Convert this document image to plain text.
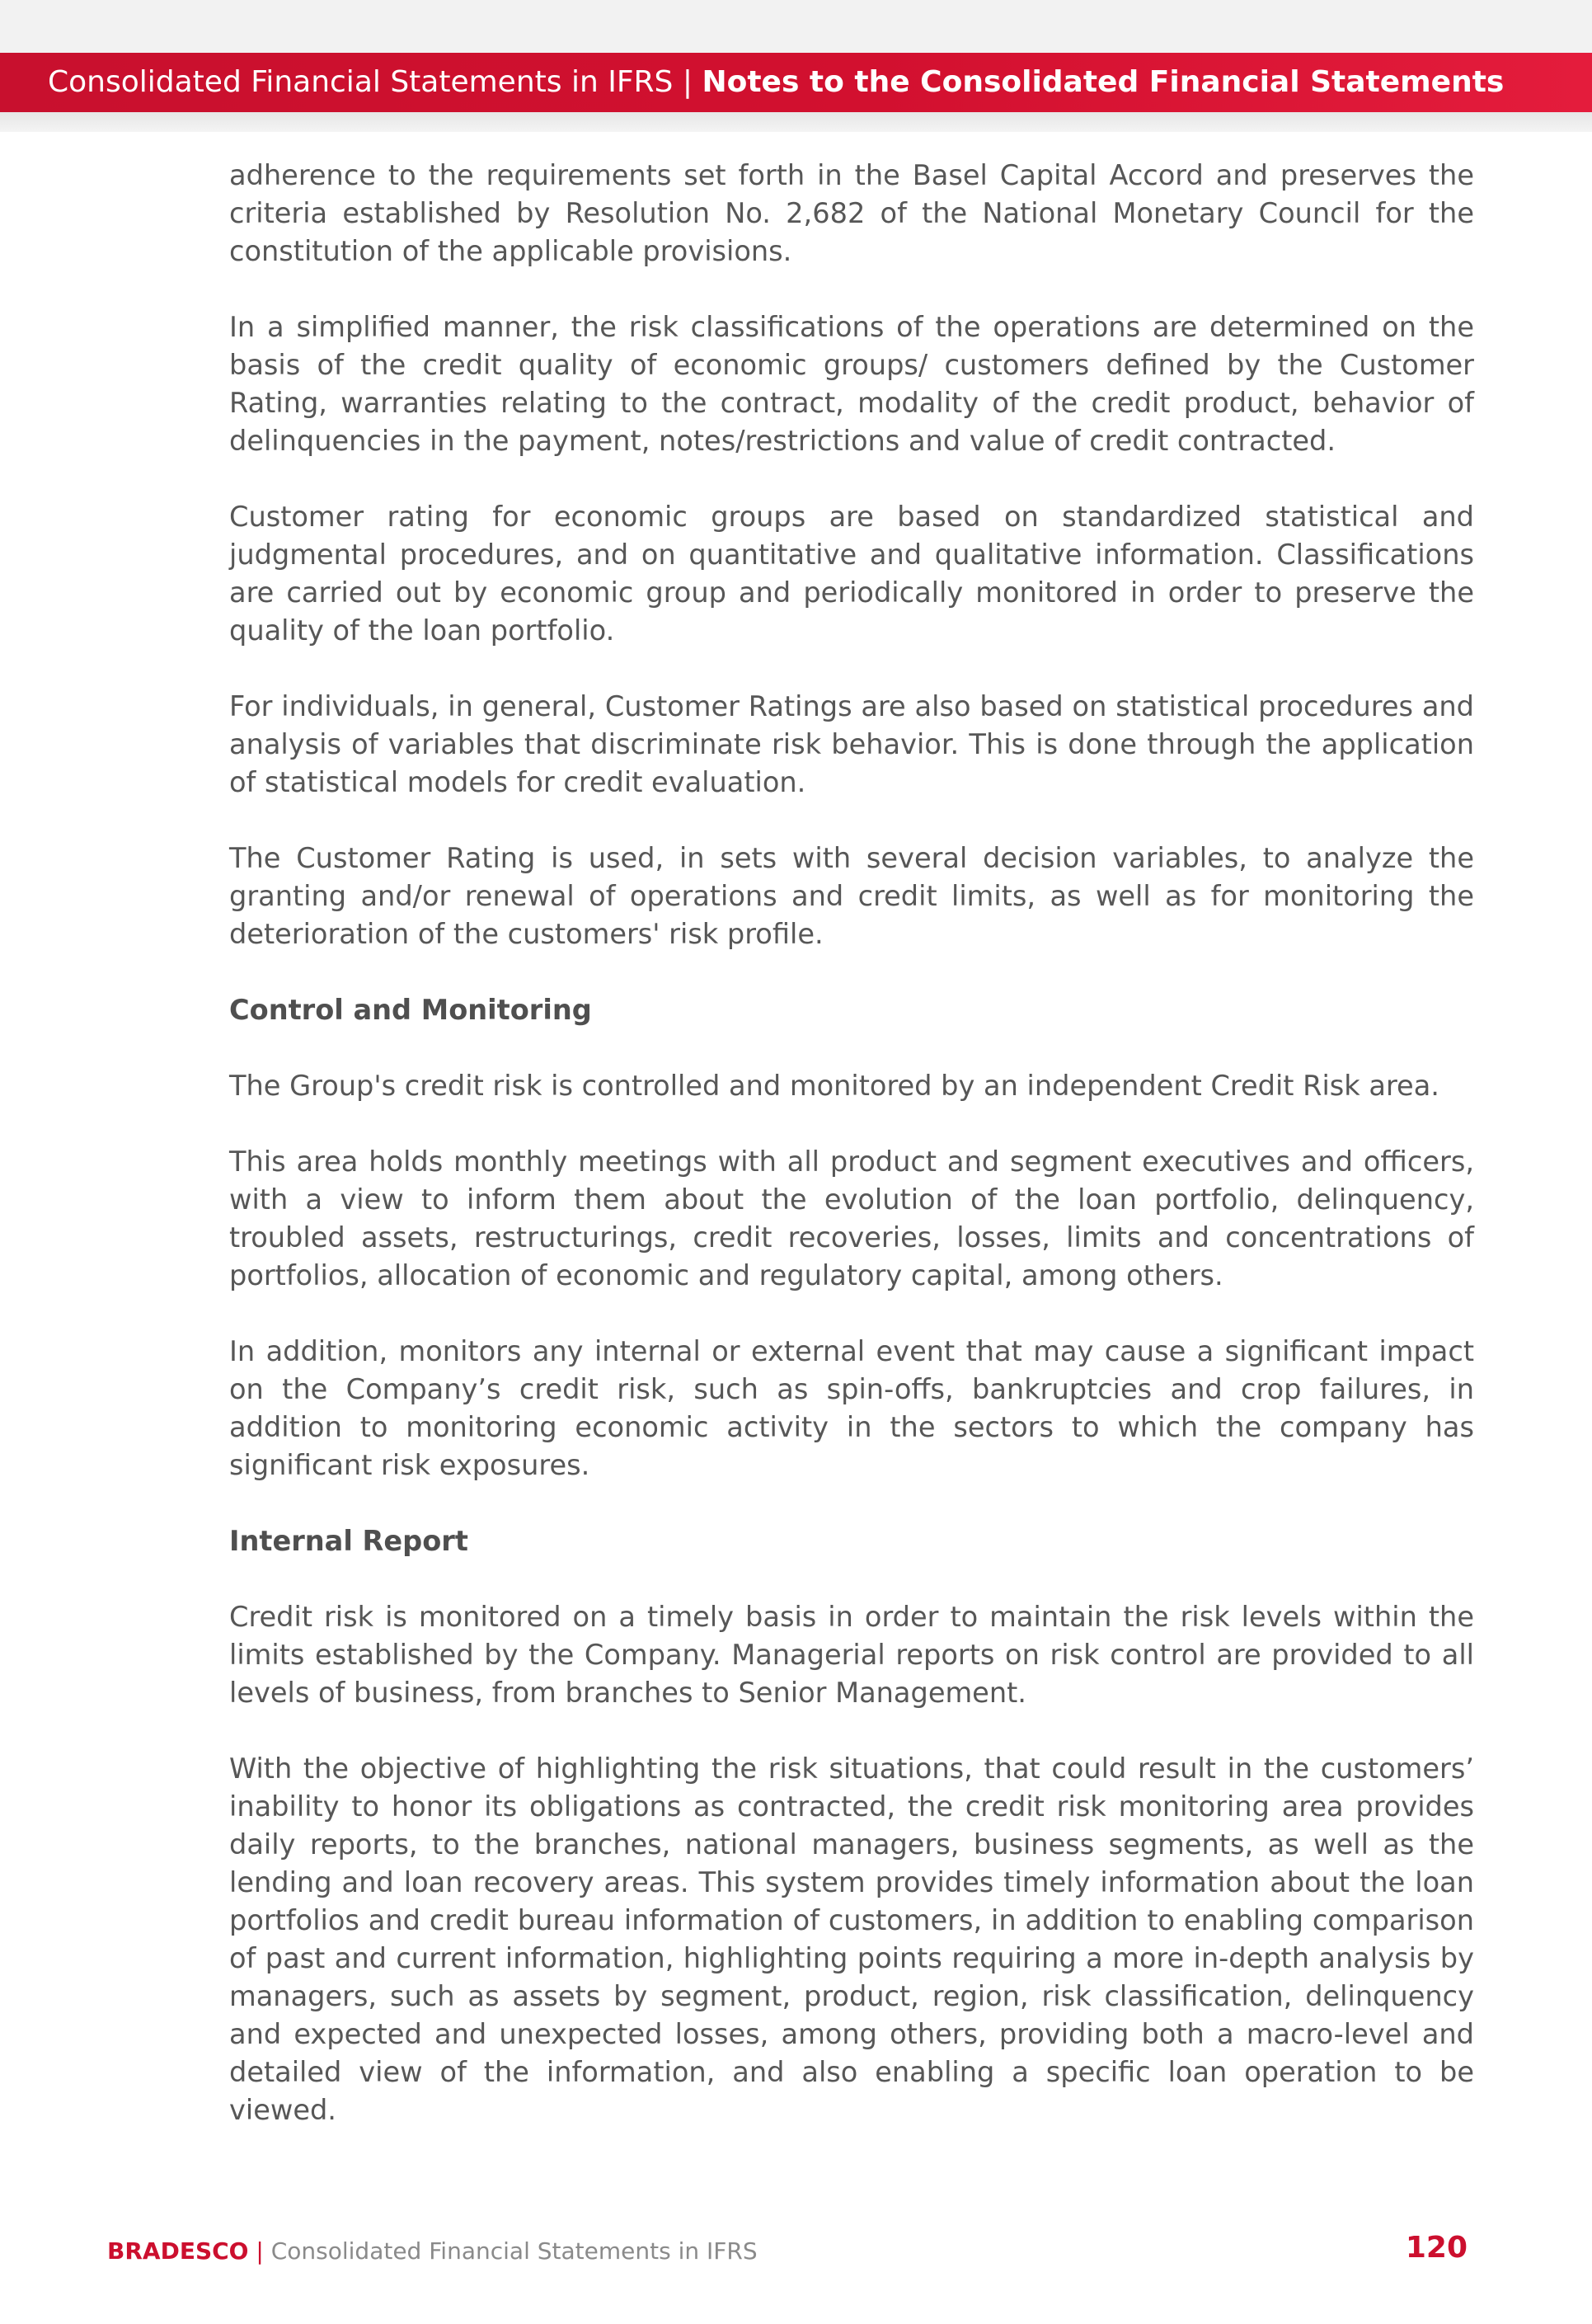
Consolidated Financial Statements in IFRS | Notes to the Consolidated Financial Statements

adherence to the requirements set forth in the Basel Capital Accord and preserves the criteria established by Resolution No. 2,682 of the National Monetary Council for the constitution of the applicable provisions.

In a simplified manner, the risk classifications of the operations are determined on the basis of the credit quality of economic groups/ customers defined by the Customer Rating, warranties relating to the contract, modality of the credit product, behavior of delinquencies in the payment, notes/restrictions and value of credit contracted.

Customer rating for economic groups are based on standardized statistical and judgmental procedures, and on quantitative and qualitative information. Classifications are carried out by economic group and periodically monitored in order to preserve the quality of the loan portfolio.

For individuals, in general, Customer Ratings are also based on statistical procedures and analysis of variables that discriminate risk behavior. This is done through the application of statistical models for credit evaluation.

The Customer Rating is used, in sets with several decision variables, to analyze the granting and/or renewal of operations and credit limits, as well as for monitoring the deterioration of the customers' risk profile.

Control and Monitoring

The Group's credit risk is controlled and monitored by an independent Credit Risk area.

This area holds monthly meetings with all product and segment executives and officers, with a view to inform them about the evolution of the loan portfolio, delinquency, troubled assets, restructurings, credit recoveries, losses, limits and concentrations of portfolios, allocation of economic and regulatory capital, among others.

In addition, monitors any internal or external event that may cause a significant impact on the Company’s credit risk, such as spin-offs, bankruptcies and crop failures, in addition to monitoring economic activity in the sectors to which the company has significant risk exposures.

Internal Report

Credit risk is monitored on a timely basis in order to maintain the risk levels within the limits established by the Company. Managerial reports on risk control are provided to all levels of business, from branches to Senior Management.

With the objective of highlighting the risk situations, that could result in the customers’ inability to honor its obligations as contracted, the credit risk monitoring area provides daily reports, to the branches, national managers, business segments, as well as the lending and loan recovery areas. This system provides timely information about the loan portfolios and credit bureau information of customers, in addition to enabling comparison of past and current information, highlighting points requiring a more in-depth analysis by managers, such as assets by segment, product, region, risk classification, delinquency and expected and unexpected losses, among others, providing both a macro-level and detailed view of the information, and also enabling a specific loan operation to be viewed.

BRADESCO | Consolidated Financial Statements in IFRS	120
